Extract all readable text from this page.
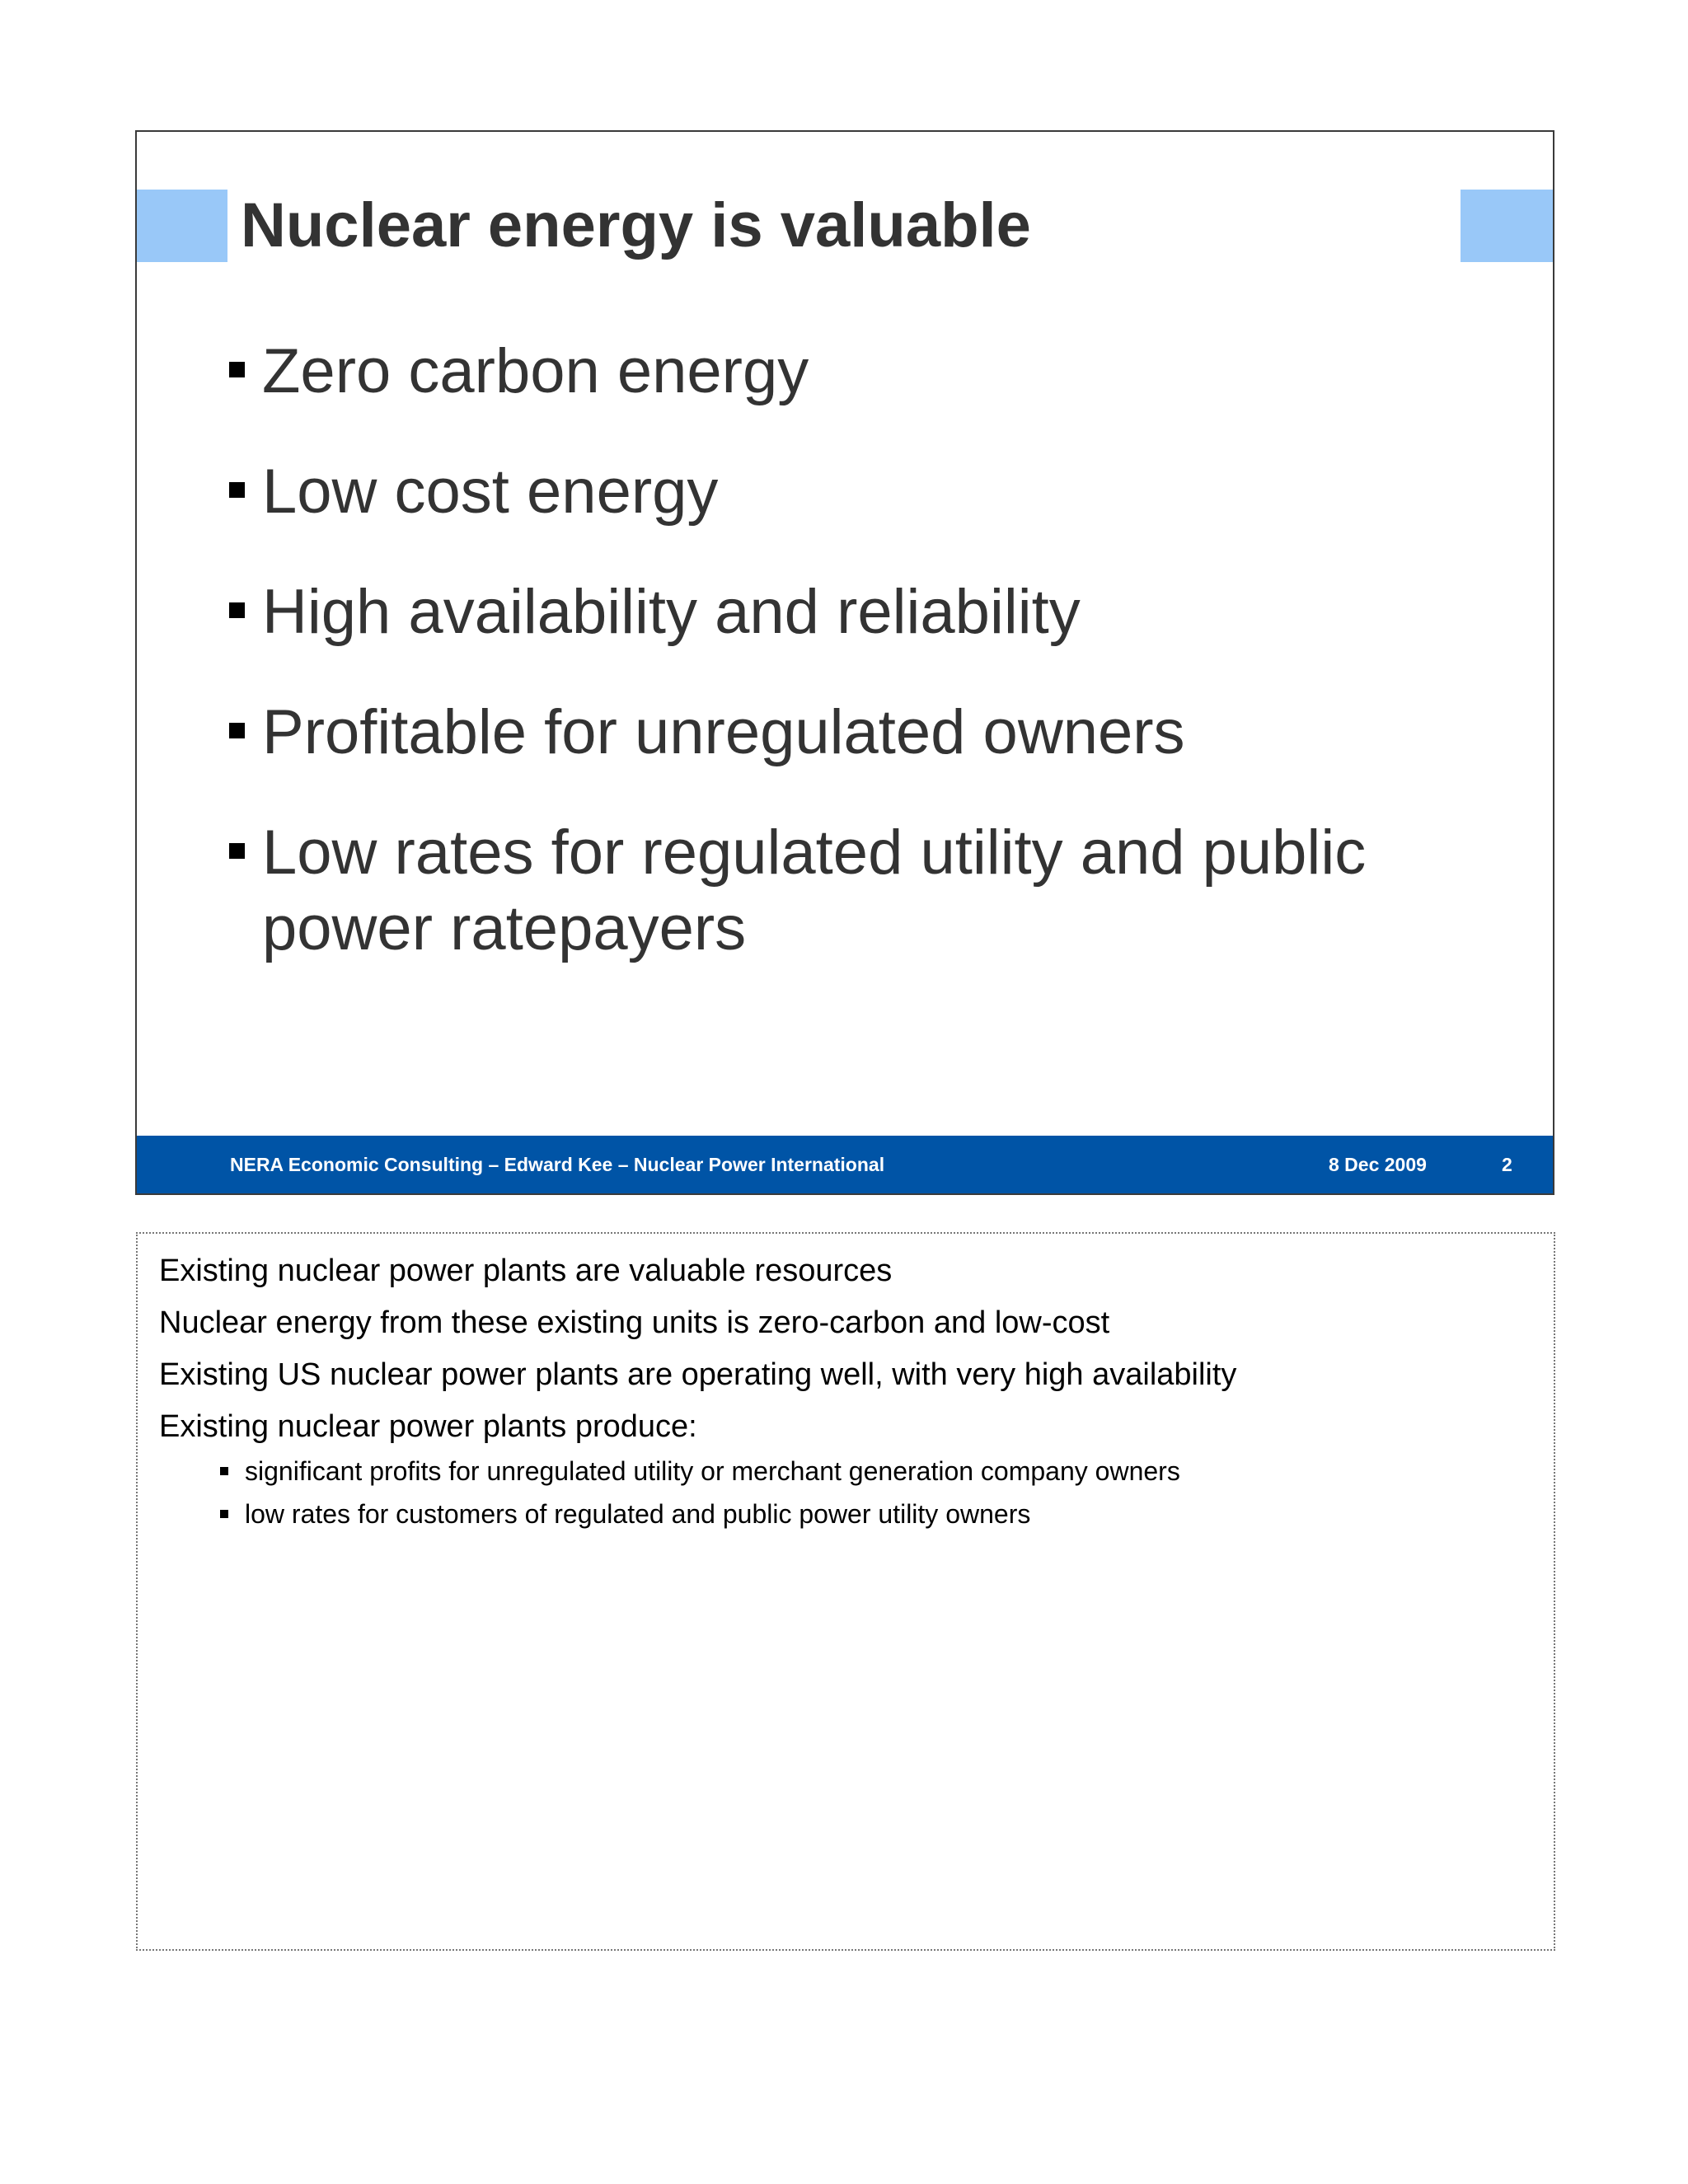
Nuclear energy is valuable
Zero carbon energy
Low cost energy
High availability and reliability
Profitable for unregulated owners
Low rates for regulated utility and public power ratepayers
NERA Economic Consulting – Edward Kee – Nuclear Power International	8 Dec 2009	2
Existing nuclear power plants are valuable resources
Nuclear energy from these existing units is zero-carbon and low-cost
Existing US nuclear power plants are operating well, with very high availability
Existing nuclear power plants produce:
significant profits for unregulated utility or merchant generation company owners
low rates for customers of regulated and public power utility owners
